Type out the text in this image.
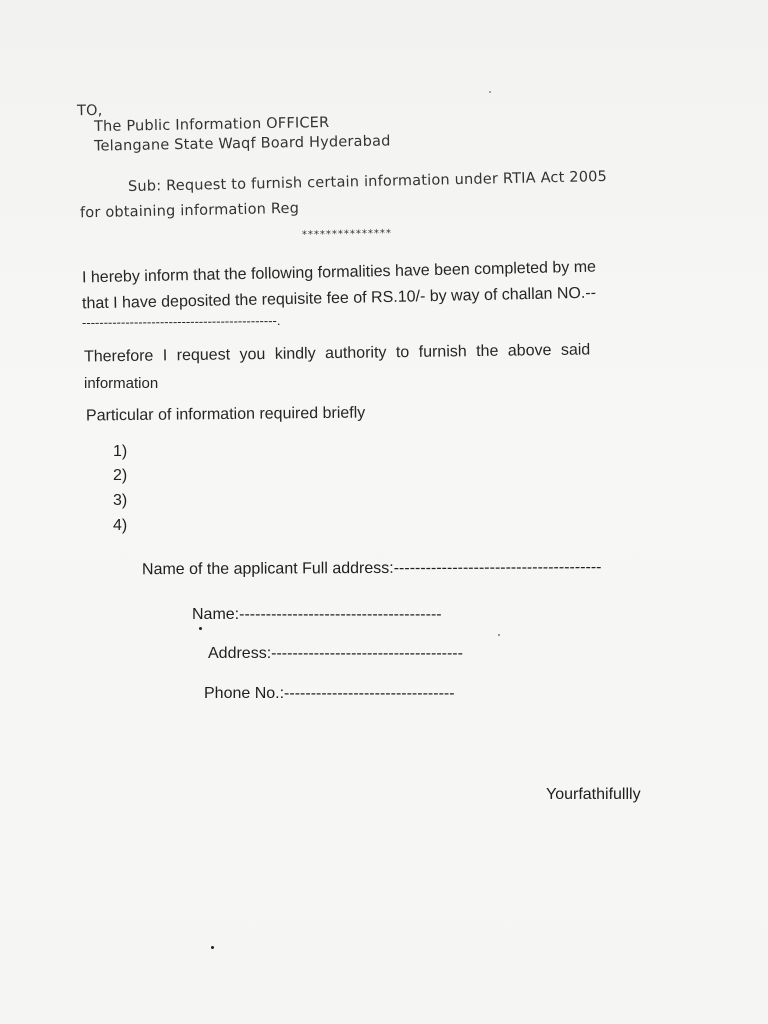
TO,
The Public Information OFFICER
Telangane State Waqf Board Hyderabad
Sub: Request to furnish certain information under RTIA Act 2005
for obtaining information Reg
***************
I hereby inform that the following formalities have been completed by me
that I have deposited the requisite fee of RS.10/- by way of challan NO.--
---------------------------------------------.
Therefore I request you kindly authority to furnish the above said
information
Particular of information required briefly
1)
2)
3)
4)
Name of the applicant Full address:---------------------------------------
Name:--------------------------------------
Address:------------------------------------
Phone No.:--------------------------------
Yourfathifullly
